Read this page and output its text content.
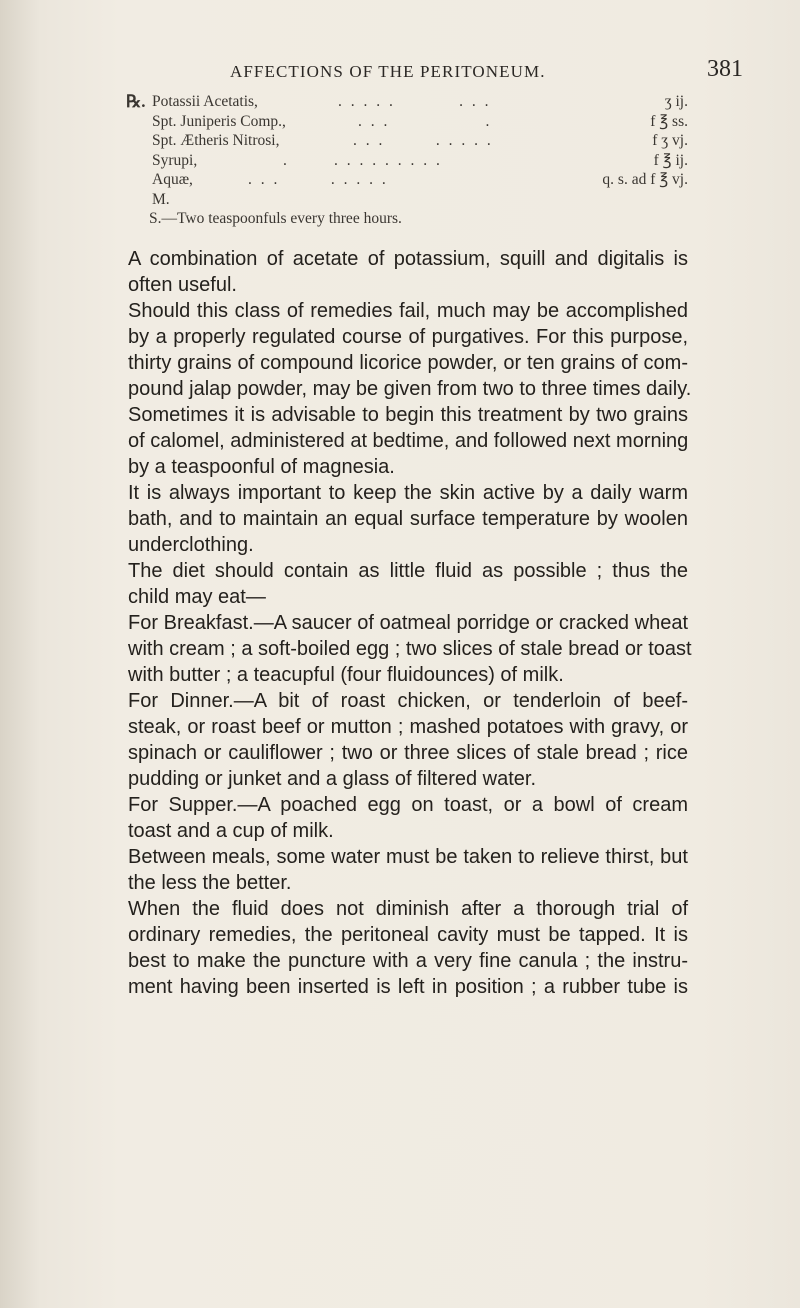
AFFECTIONS OF THE PERITONEUM.	381
℞. Potassii Acetatis,	. . . . .          . . .	ʒ ij.
Spt. Juniperis Comp.,	. . .               .	f ℥ ss.
Spt. Ætheris Nitrosi,	. . .        . . . . .	f ʒ vj.
Syrupi,	.       . . . . . . . . .	f ℥ ij.
Aquæ,	. . .        . . . . .	q. s. ad f ℥ vj.
M.
S.—Two teaspoonfuls every three hours.
A combination of acetate of potassium, squill and digitalis is
often useful.
Should this class of remedies fail, much may be accomplished
by a properly regulated course of purgatives. For this purpose,
thirty grains of compound licorice powder, or ten grains of com-
pound jalap powder, may be given from two to three times daily.
Sometimes it is advisable to begin this treatment by two grains
of calomel, administered at bedtime, and followed next morning
by a teaspoonful of magnesia.
It is always important to keep the skin active by a daily warm
bath, and to maintain an equal surface temperature by woolen
underclothing.
The diet should contain as little fluid as possible ; thus the
child may eat—
For Breakfast.—A saucer of oatmeal porridge or cracked wheat
with cream ; a soft-boiled egg ; two slices of stale bread or toast
with butter ; a teacupful (four fluidounces) of milk.
For Dinner.—A bit of roast chicken, or tenderloin of beef-
steak, or roast beef or mutton ; mashed potatoes with gravy, or
spinach or cauliflower ; two or three slices of stale bread ; rice
pudding or junket and a glass of filtered water.
For Supper.—A poached egg on toast, or a bowl of cream
toast and a cup of milk.
Between meals, some water must be taken to relieve thirst, but
the less the better.
When the fluid does not diminish after a thorough trial of
ordinary remedies, the peritoneal cavity must be tapped. It is
best to make the puncture with a very fine canula ; the instru-
ment having been inserted is left in position ; a rubber tube is
